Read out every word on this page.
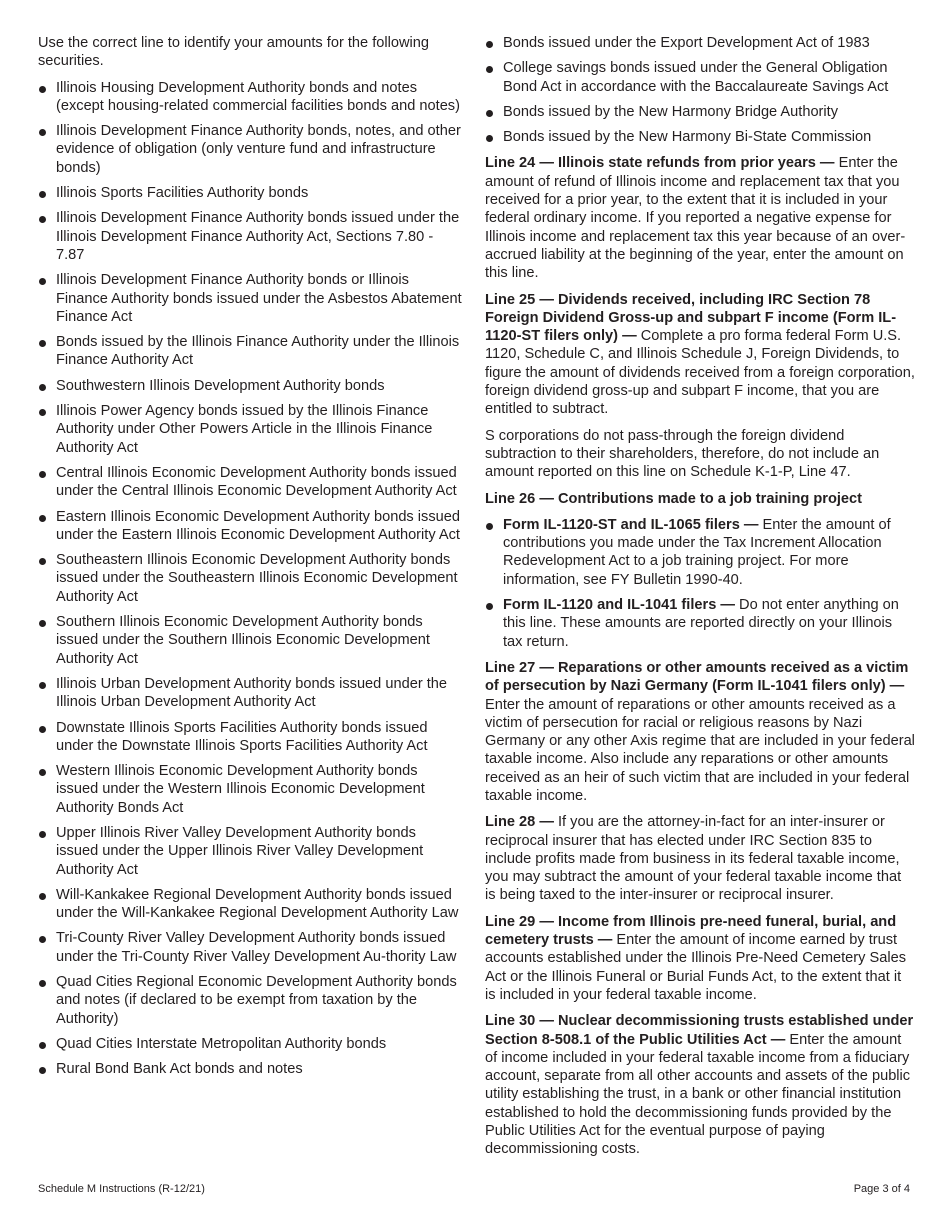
Use the correct line to identify your amounts for the following securities.

Illinois Housing Development Authority bonds and notes (except housing-related commercial facilities bonds and notes)
Illinois Development Finance Authority bonds, notes, and other evidence of obligation (only venture fund and infrastructure bonds)
Illinois Sports Facilities Authority bonds
Illinois Development Finance Authority bonds issued under the Illinois Development Finance Authority Act, Sections 7.80 - 7.87
Illinois Development Finance Authority bonds or Illinois Finance Authority bonds issued under the Asbestos Abatement Finance Act
Bonds issued by the Illinois Finance Authority under the Illinois Finance Authority Act
Southwestern Illinois Development Authority bonds
Illinois Power Agency bonds issued by the Illinois Finance Authority under Other Powers Article in the Illinois Finance Authority Act
Central Illinois Economic Development Authority bonds issued under the Central Illinois Economic Development Authority Act
Eastern Illinois Economic Development Authority bonds issued under the Eastern Illinois Economic Development Authority Act
Southeastern Illinois Economic Development Authority bonds issued under the Southeastern Illinois Economic Development Authority Act
Southern Illinois Economic Development Authority bonds issued under the Southern Illinois Economic Development Authority Act
Illinois Urban Development Authority bonds issued under the Illinois Urban Development Authority Act
Downstate Illinois Sports Facilities Authority bonds issued under the Downstate Illinois Sports Facilities Authority Act
Western Illinois Economic Development Authority bonds issued under the Western Illinois Economic Development Authority Bonds Act
Upper Illinois River Valley Development Authority bonds issued under the Upper Illinois River Valley Development Authority Act
Will-Kankakee Regional Development Authority bonds issued under the Will-Kankakee Regional Development Authority Law
Tri-County River Valley Development Authority bonds issued under the Tri-County River Valley Development Au-thority Law
Quad Cities Regional Economic Development Authority bonds and notes (if declared to be exempt from taxation by the Authority)
Quad Cities Interstate Metropolitan Authority bonds
Rural Bond Bank Act bonds and notes
Bonds issued under the Export Development Act of 1983
College savings bonds issued under the General Obligation Bond Act in accordance with the Baccalaureate Savings Act
Bonds issued by the New Harmony Bridge Authority
Bonds issued by the New Harmony Bi-State Commission

Line 24 — Illinois state refunds from prior years — Enter the amount of refund of Illinois income and replacement tax that you received for a prior year, to the extent that it is included in your federal ordinary income. If you reported a negative expense for Illinois income and replacement tax this year because of an over-accrued liability at the beginning of the year, enter the amount on this line.

Line 25 — Dividends received, including IRC Section 78 Foreign Dividend Gross-up and subpart F income (Form IL-1120-ST filers only) — Complete a pro forma federal Form U.S. 1120, Schedule C, and Illinois Schedule J, Foreign Dividends, to figure the amount of dividends received from a foreign corporation, foreign dividend gross-up and subpart F income, that you are entitled to subtract.

S corporations do not pass-through the foreign dividend subtraction to their shareholders, therefore, do not include an amount reported on this line on Schedule K-1-P, Line 47.

Line 26 — Contributions made to a job training project

Form IL-1120-ST and IL-1065 filers — Enter the amount of contributions you made under the Tax Increment Allocation Redevelopment Act to a job training project. For more information, see FY Bulletin 1990-40.
Form IL-1120 and IL-1041 filers — Do not enter anything on this line. These amounts are reported directly on your Illinois tax return.

Line 27 — Reparations or other amounts received as a victim of persecution by Nazi Germany (Form IL-1041 filers only) — Enter the amount of reparations or other amounts received as a victim of persecution for racial or religious reasons by Nazi Germany or any other Axis regime that are included in your federal taxable income. Also include any reparations or other amounts received as an heir of such victim that are included in your federal taxable income.

Line 28 — If you are the attorney-in-fact for an inter-insurer or reciprocal insurer that has elected under IRC Section 835 to include profits made from business in its federal taxable income, you may subtract the amount of your federal taxable income that is being taxed to the inter-insurer or reciprocal insurer.

Line 29 — Income from Illinois pre-need funeral, burial, and cemetery trusts — Enter the amount of income earned by trust accounts established under the Illinois Pre-Need Cemetery Sales Act or the Illinois Funeral or Burial Funds Act, to the extent that it is included in your federal taxable income.

Line 30 — Nuclear decommissioning trusts established under Section 8-508.1 of the Public Utilities Act — Enter the amount of income included in your federal taxable income from a fiduciary account, separate from all other accounts and assets of the public utility establishing the trust, in a bank or other financial institution established to hold the decommissioning funds provided by the Public Utilities Act for the eventual purpose of paying decommissioning costs.

Schedule M Instructions (R-12/21)	Page 3 of 4
